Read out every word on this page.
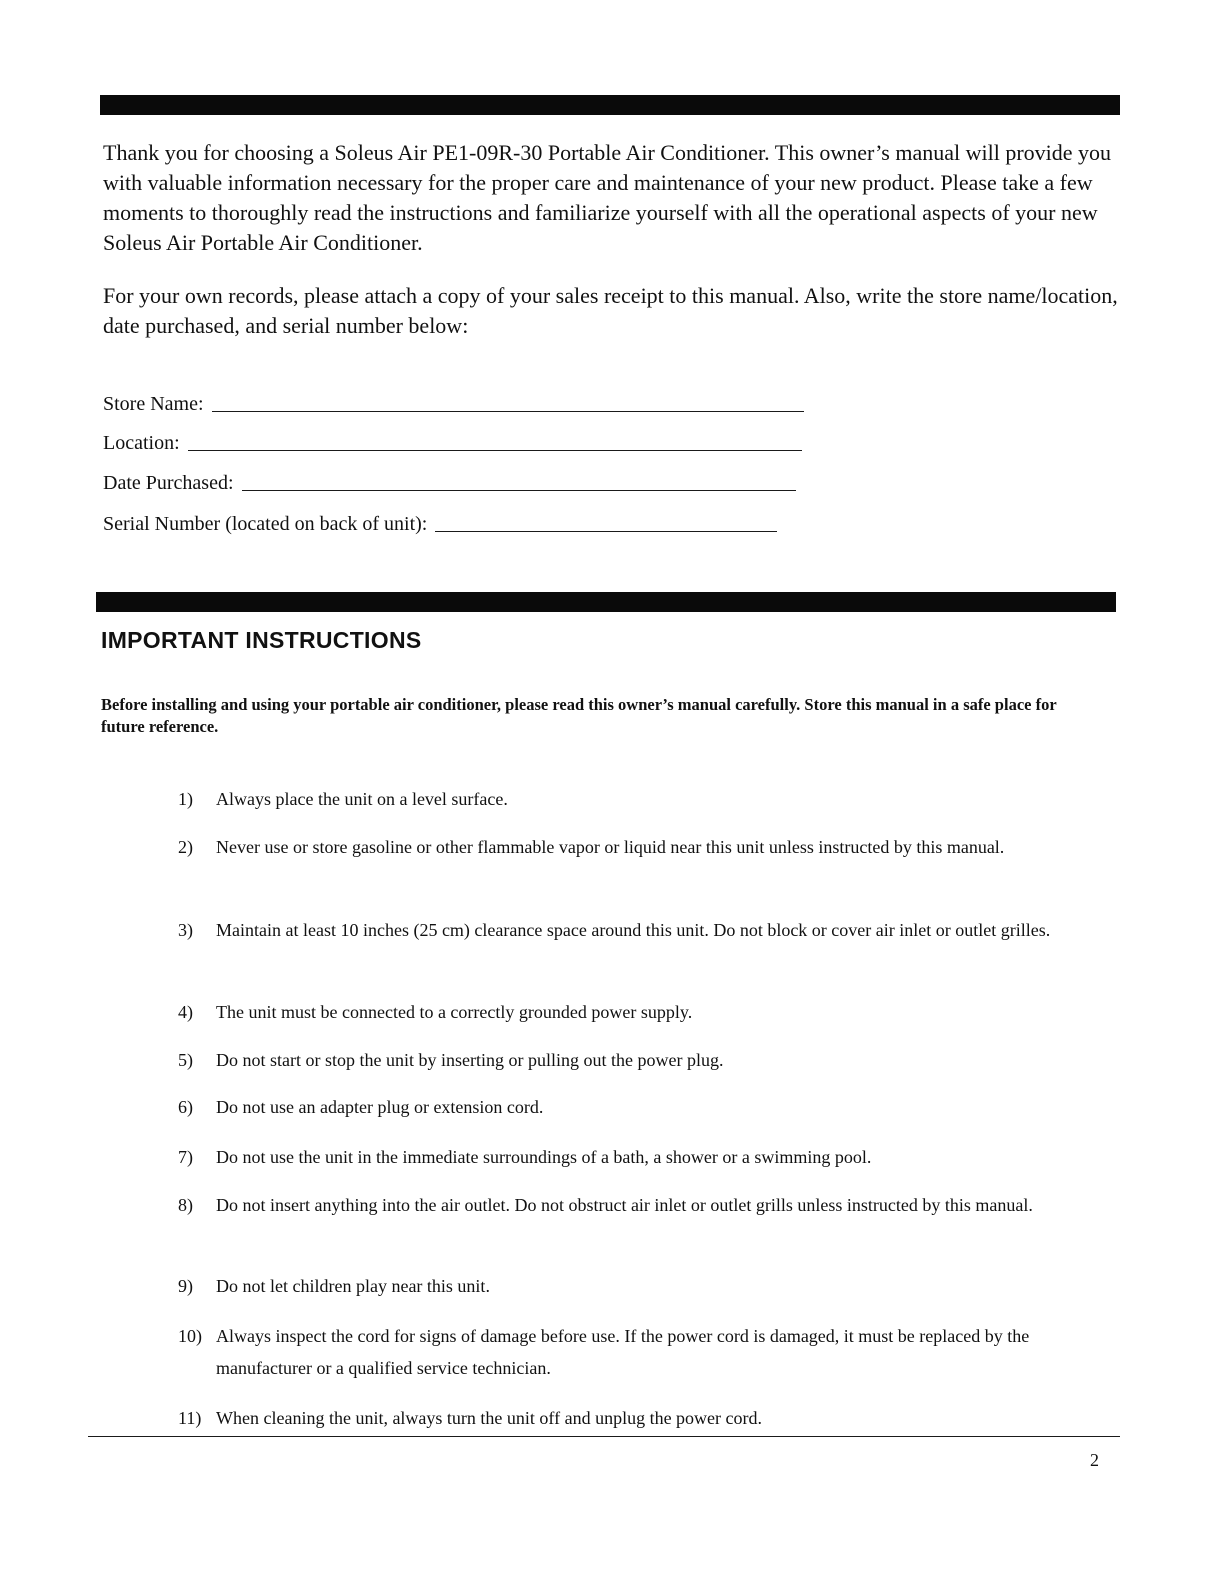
Thank you for choosing a Soleus Air PE1-09R-30 Portable Air Conditioner. This owner’s manual will provide you with valuable information necessary for the proper care and maintenance of your new product. Please take a few moments to thoroughly read the instructions and familiarize yourself with all the operational aspects of your new Soleus Air Portable Air Conditioner.

For your own records, please attach a copy of your sales receipt to this manual. Also, write the store name/location, date purchased, and serial number below:

Store Name:
Location:
Date Purchased:
Serial Number (located on back of unit):
IMPORTANT INSTRUCTIONS

Before installing and using your portable air conditioner, please read this owner’s manual carefully. Store this manual in a safe place for future reference.

1)	Always place the unit on a level surface.
2)	Never use or store gasoline or other flammable vapor or liquid near this unit unless instructed by this manual.
3)	Maintain at least 10 inches (25 cm) clearance space around this unit. Do not block or cover air inlet or outlet grilles.
4)	The unit must be connected to a correctly grounded power supply.
5)	Do not start or stop the unit by inserting or pulling out the power plug.
6)	Do not use an adapter plug or extension cord.
7)	Do not use the unit in the immediate surroundings of a bath, a shower or a swimming pool.
8)	Do not insert anything into the air outlet. Do not obstruct air inlet or outlet grills unless instructed by this manual.
9)	Do not let children play near this unit.
10) Always inspect the cord for signs of damage before use. If the power cord is damaged, it must be replaced by the manufacturer or a qualified service technician.
11) When cleaning the unit, always turn the unit off and unplug the power cord.
2
